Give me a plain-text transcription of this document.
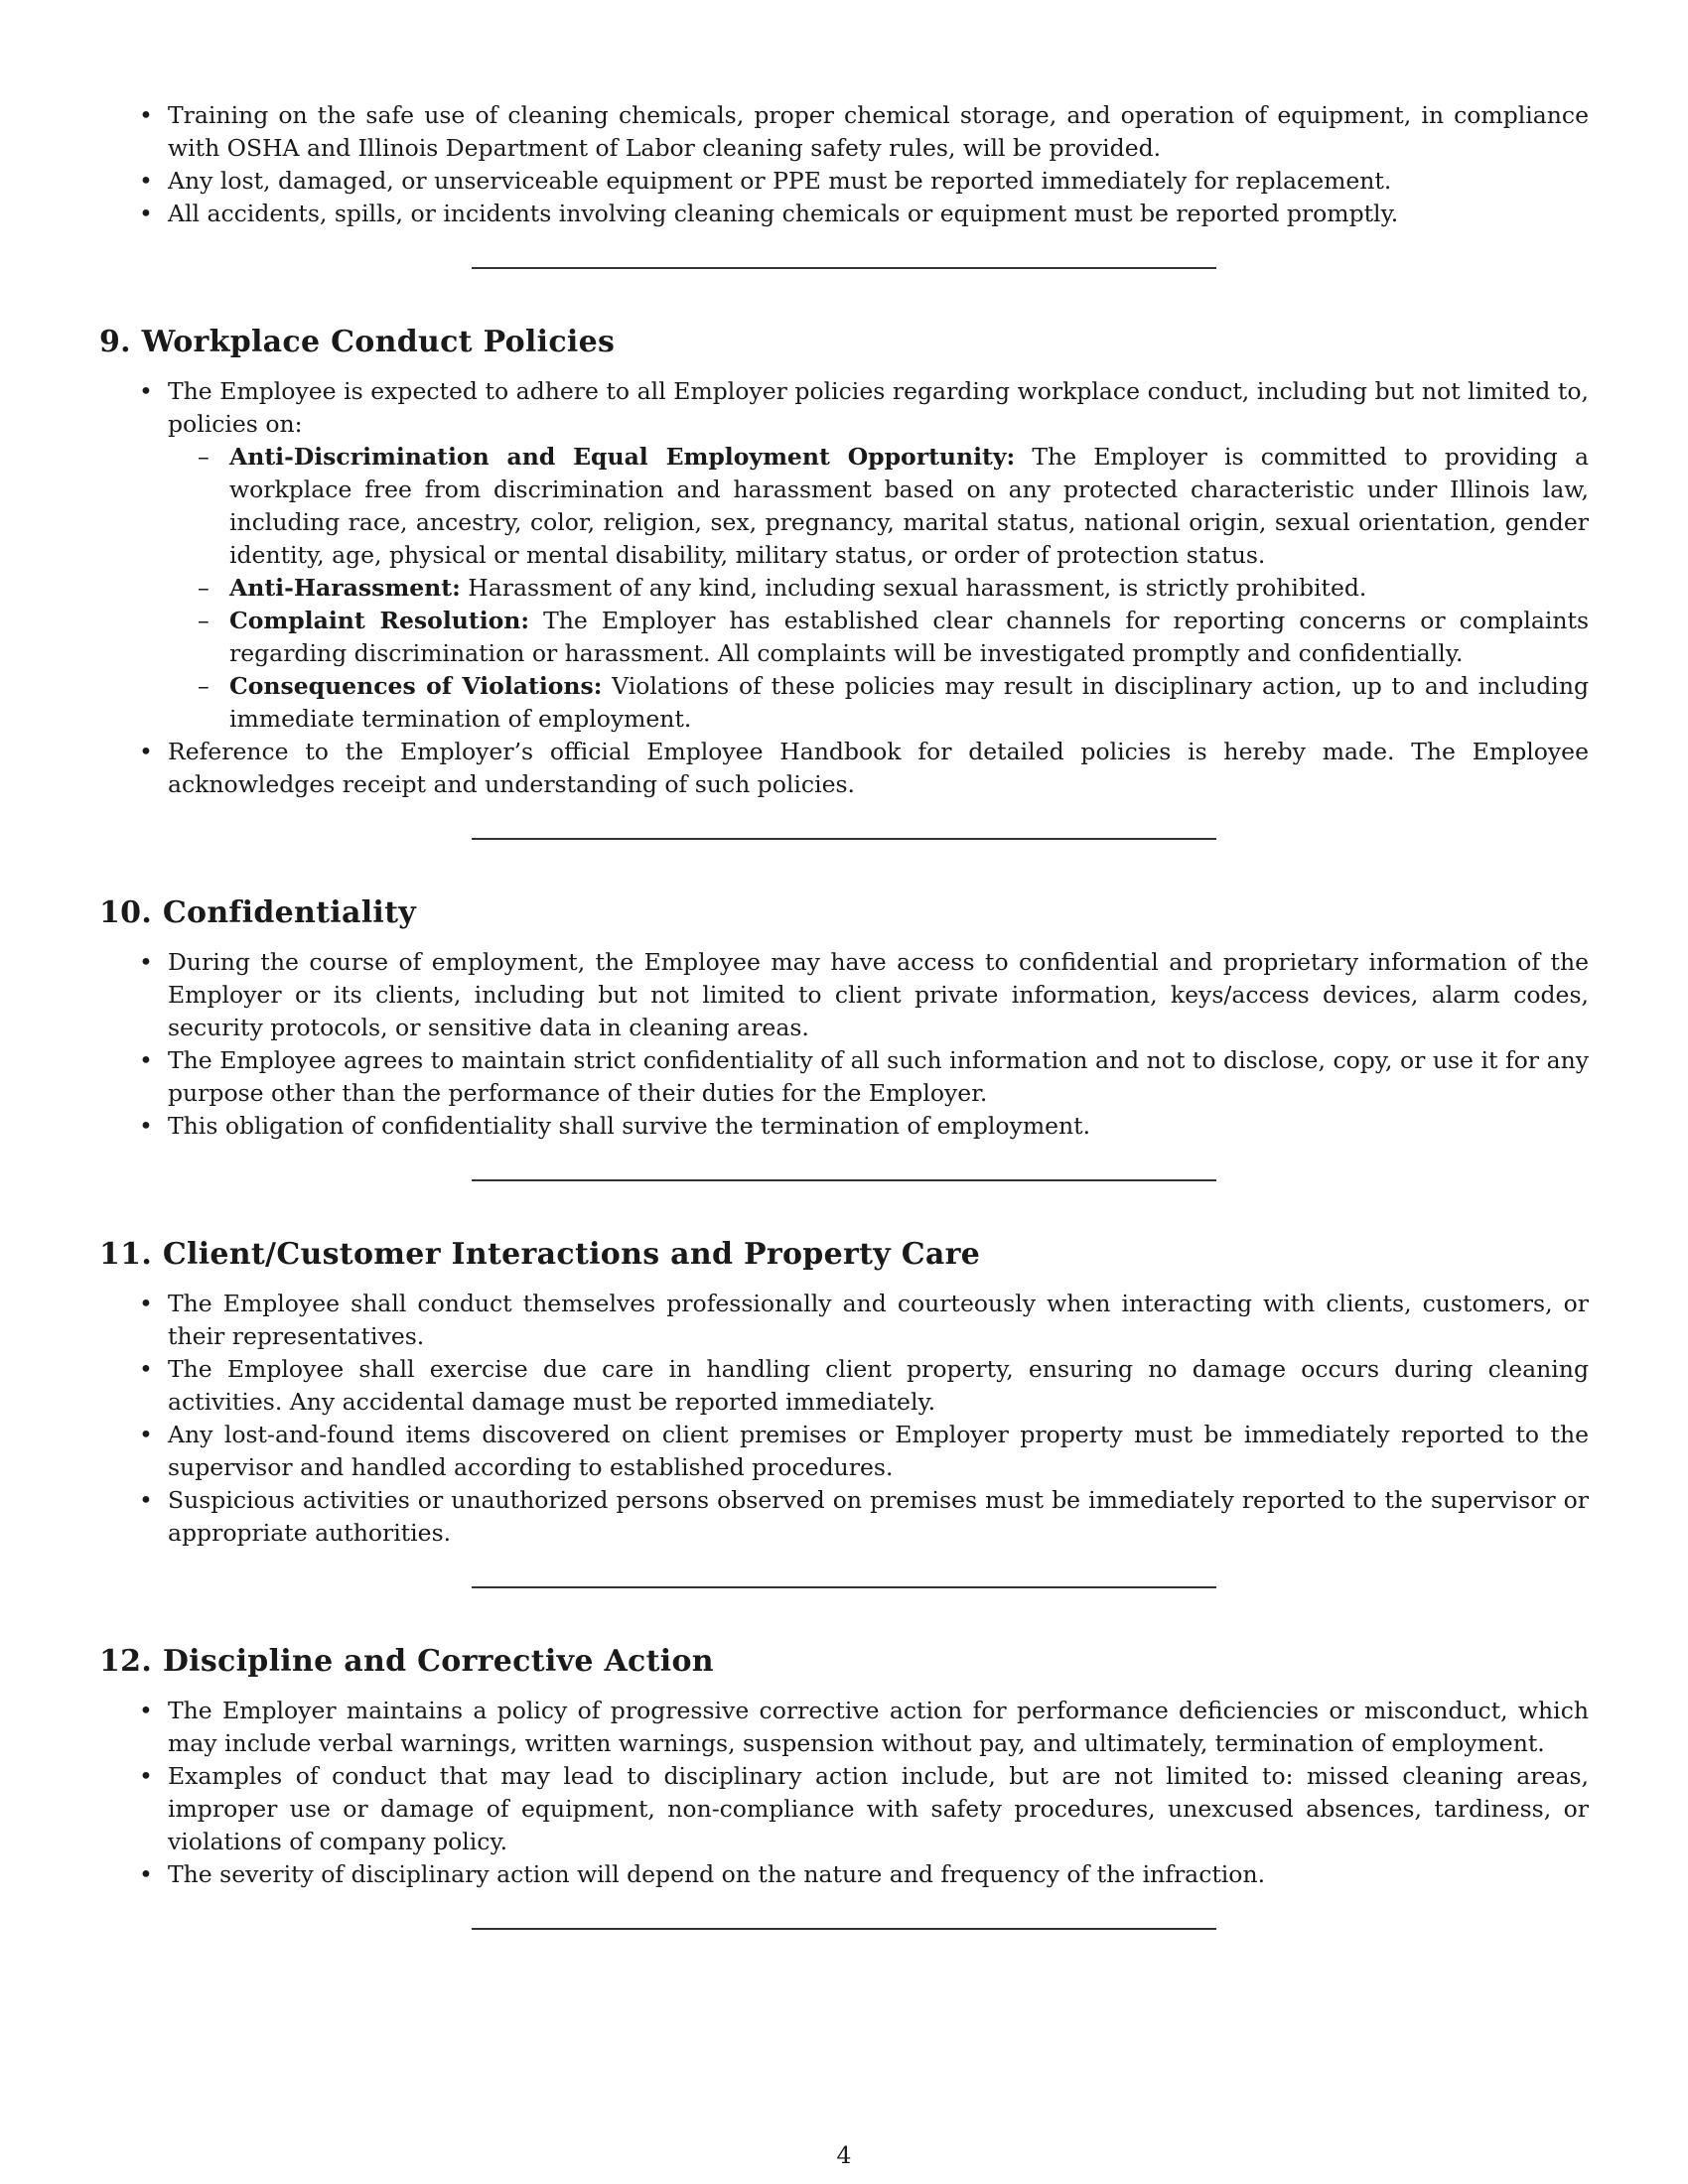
• Training on the safe use of cleaning chemicals, proper chemical storage, and operation of equipment, in compliance with OSHA and Illinois Department of Labor cleaning safety rules, will be provided.
• Any lost, damaged, or unserviceable equipment or PPE must be reported immediately for replacement.
• All accidents, spills, or incidents involving cleaning chemicals or equipment must be reported promptly.
9. Workplace Conduct Policies
• The Employee is expected to adhere to all Employer policies regarding workplace conduct, including but not limited to, policies on:
– Anti-Discrimination and Equal Employment Opportunity: The Employer is committed to providing a workplace free from discrimination and harassment based on any protected characteristic under Illinois law, including race, ancestry, color, religion, sex, pregnancy, marital status, national origin, sexual orientation, gender identity, age, physical or mental disability, military status, or order of protection status.
– Anti-Harassment: Harassment of any kind, including sexual harassment, is strictly prohibited.
– Complaint Resolution: The Employer has established clear channels for reporting concerns or complaints regarding discrimination or harassment. All complaints will be investigated promptly and confidentially.
– Consequences of Violations: Violations of these policies may result in disciplinary action, up to and including immediate termination of employment.
• Reference to the Employer’s official Employee Handbook for detailed policies is hereby made. The Employee acknowledges receipt and understanding of such policies.
10. Confidentiality
• During the course of employment, the Employee may have access to confidential and proprietary information of the Employer or its clients, including but not limited to client private information, keys/access devices, alarm codes, security protocols, or sensitive data in cleaning areas.
• The Employee agrees to maintain strict confidentiality of all such information and not to disclose, copy, or use it for any purpose other than the performance of their duties for the Employer.
• This obligation of confidentiality shall survive the termination of employment.
11. Client/Customer Interactions and Property Care
• The Employee shall conduct themselves professionally and courteously when interacting with clients, customers, or their representatives.
• The Employee shall exercise due care in handling client property, ensuring no damage occurs during cleaning activities. Any accidental damage must be reported immediately.
• Any lost-and-found items discovered on client premises or Employer property must be immediately reported to the supervisor and handled according to established procedures.
• Suspicious activities or unauthorized persons observed on premises must be immediately reported to the supervisor or appropriate authorities.
12. Discipline and Corrective Action
• The Employer maintains a policy of progressive corrective action for performance deficiencies or misconduct, which may include verbal warnings, written warnings, suspension without pay, and ultimately, termination of employment.
• Examples of conduct that may lead to disciplinary action include, but are not limited to: missed cleaning areas, improper use or damage of equipment, non-compliance with safety procedures, unexcused absences, tardiness, or violations of company policy.
• The severity of disciplinary action will depend on the nature and frequency of the infraction.
4
